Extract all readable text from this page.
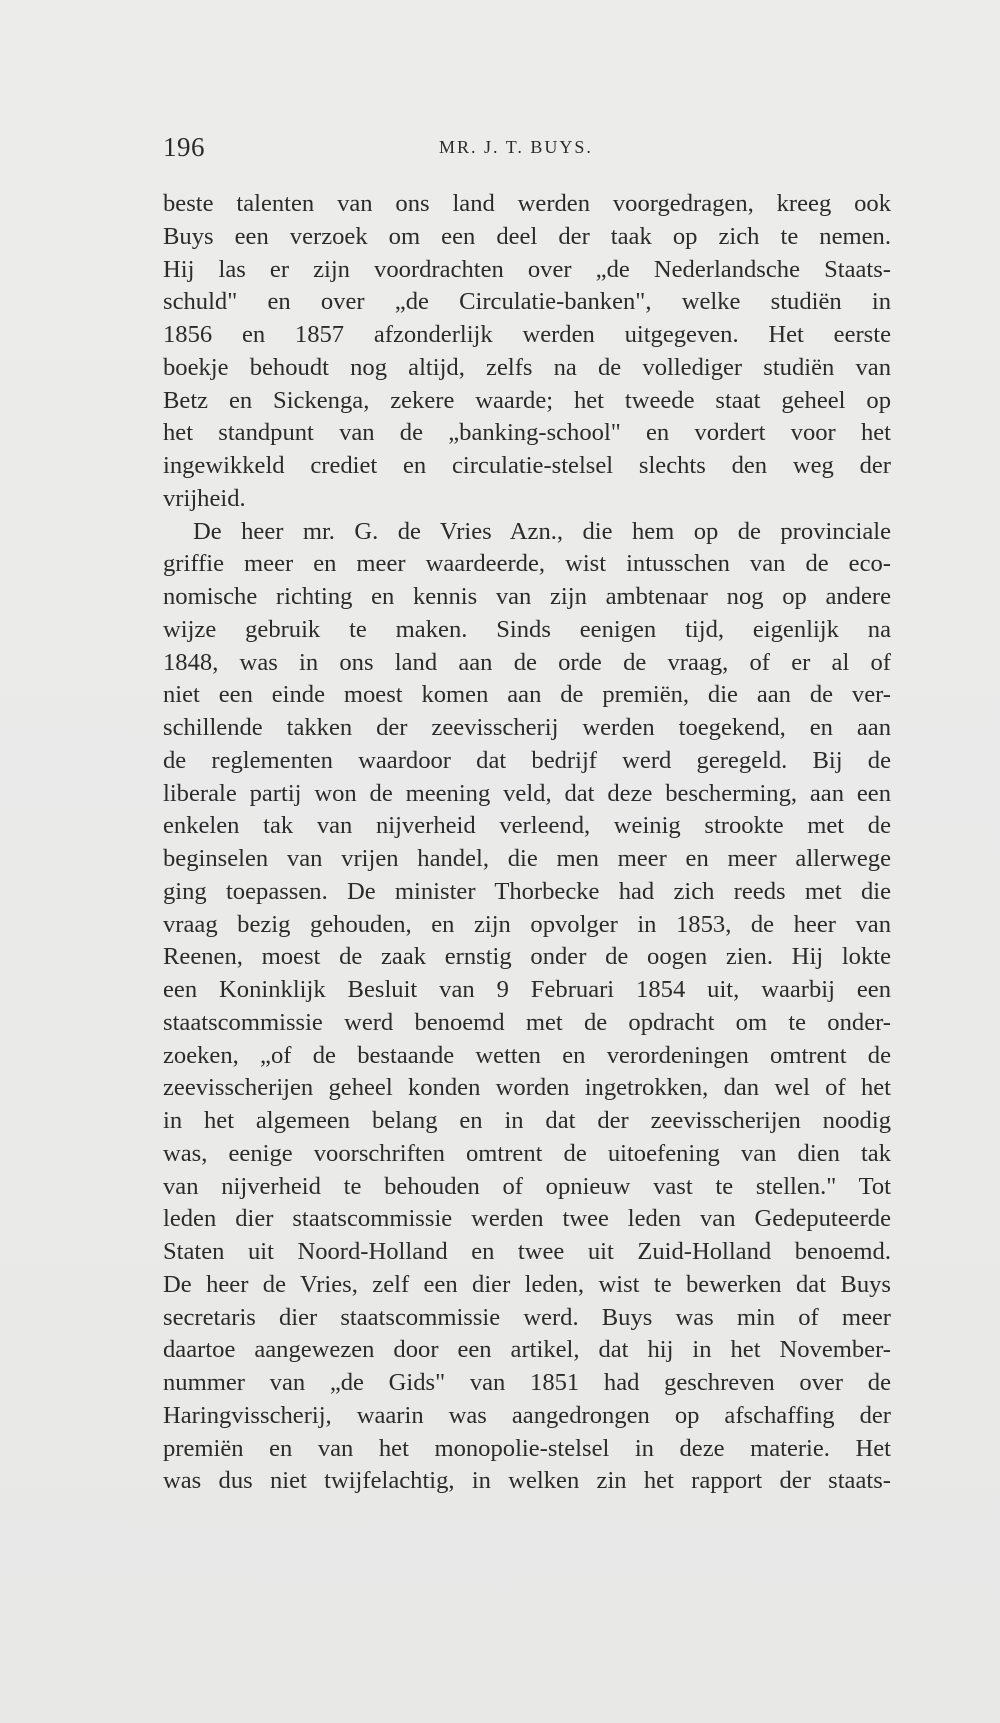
196	MR. J. T. BUYS.
beste talenten van ons land werden voorgedragen, kreeg ook
Buys een verzoek om een deel der taak op zich te nemen.
Hij las er zijn voordrachten over „de Nederlandsche Staats-
schuld" en over „de Circulatie-banken", welke studiën in
1856 en 1857 afzonderlijk werden uitgegeven. Het eerste
boekje behoudt nog altijd, zelfs na de vollediger studiën van
Betz en Sickenga, zekere waarde; het tweede staat geheel op
het standpunt van de „banking-school" en vordert voor het
ingewikkeld crediet en circulatie-stelsel slechts den weg der
vrijheid.
De heer mr. G. de Vries Azn., die hem op de provinciale
griffie meer en meer waardeerde, wist intusschen van de eco-
nomische richting en kennis van zijn ambtenaar nog op andere
wijze gebruik te maken. Sinds eenigen tijd, eigenlijk na
1848, was in ons land aan de orde de vraag, of er al of
niet een einde moest komen aan de premiën, die aan de ver-
schillende takken der zeevisscherij werden toegekend, en aan
de reglementen waardoor dat bedrijf werd geregeld. Bij de
liberale partij won de meening veld, dat deze bescherming, aan een
enkelen tak van nijverheid verleend, weinig strookte met de
beginselen van vrijen handel, die men meer en meer allerwege
ging toepassen. De minister Thorbecke had zich reeds met die
vraag bezig gehouden, en zijn opvolger in 1853, de heer van
Reenen, moest de zaak ernstig onder de oogen zien. Hij lokte
een Koninklijk Besluit van 9 Februari 1854 uit, waarbij een
staatscommissie werd benoemd met de opdracht om te onder-
zoeken, „of de bestaande wetten en verordeningen omtrent de
zeevisscherijen geheel konden worden ingetrokken, dan wel of het
in het algemeen belang en in dat der zeevisscherijen noodig
was, eenige voorschriften omtrent de uitoefening van dien tak
van nijverheid te behouden of opnieuw vast te stellen." Tot
leden dier staatscommissie werden twee leden van Gedeputeerde
Staten uit Noord-Holland en twee uit Zuid-Holland benoemd.
De heer de Vries, zelf een dier leden, wist te bewerken dat Buys
secretaris dier staatscommissie werd. Buys was min of meer
daartoe aangewezen door een artikel, dat hij in het November-
nummer van „de Gids" van 1851 had geschreven over de
Haringvisscherij, waarin was aangedrongen op afschaffing der
premiën en van het monopolie-stelsel in deze materie. Het
was dus niet twijfelachtig, in welken zin het rapport der staats-
